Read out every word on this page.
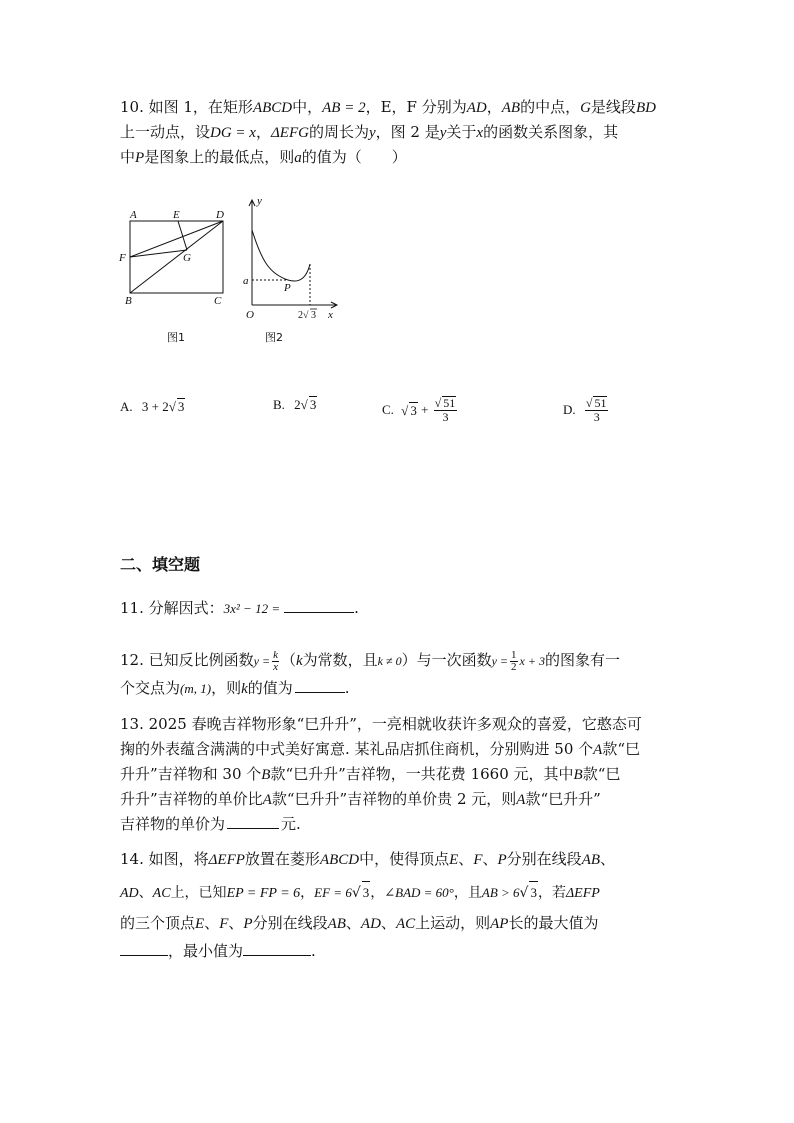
10. 如图 1，在矩形ABCD中，AB = 2，E，F 分别为AD，AB的中点，G是线段BD
上一动点，设DG = x，ΔEFG的周长为y，图 2 是y关于x的函数关系图象，其
中P是图象上的最低点，则a的值为（　　）
A	E	D
F	G
B	C
图1
y
a
P
O	x
2 √ 3
图2
A. 3 + 2√ 3	B. 2√ 3	C. √ $3 + \frac{√ 51}{3}$	D. $\frac{√ 51}{3}$
二、填空题
11. 分解因式：3x² − 12 =	.
12. 已知反比例函数$y = \frac{k}{x} (k$为常数，且k ≠ 0）与一次函数$y = \frac{1}{2}$ x + 3的图象有一
个交点为(m, 1)，则k的值为	.
13. 2025 春晚吉祥物形象“巳升升”，一亮相就收获许多观众的喜爱，它憨态可
掬的外表蕴含满满的中式美好寓意. 某礼品店抓住商机，分别购进 50 个A款“巳
升升”吉祥物和 30 个B款“巳升升”吉祥物，一共花费 1660 元，其中B款“巳
升升”吉祥物的单价比A款“巳升升”吉祥物的单价贵 2 元，则A款“巳升升”
吉祥物的单价为	元.
14. 如图，将ΔEFP放置在菱形ABCD中，使得顶点E、F、P分别在线段AB、
AD、AC上，已知EP = FP = 6，EF = 6√ 3，∠BAD = 60°，且AB > 6√ 3，若ΔEFP
的三个顶点E、F、P分别在线段AB、AD、AC上运动，则AP长的最大值为
，最小值为	.
